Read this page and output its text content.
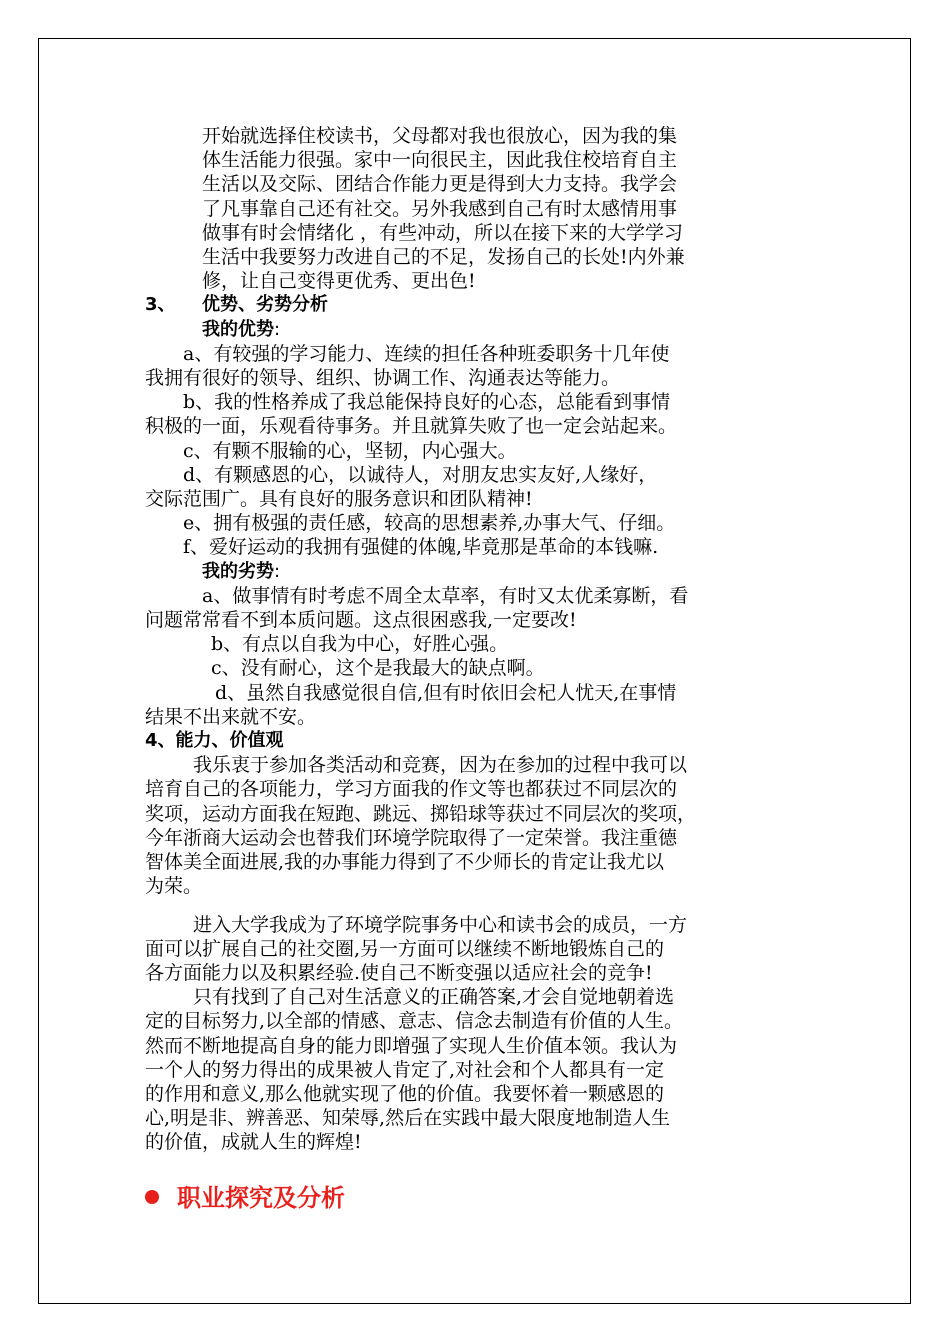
开始就选择住校读书，父母都对我也很放心，因为我的集
体生活能力很强。家中一向很民主，因此我住校培育自主
生活以及交际、团结合作能力更是得到大力支持。我学会
了凡事靠自己还有社交。另外我感到自己有时太感情用事
做事有时会情绪化 ，有些冲动，所以在接下来的大学学习
生活中我要努力改进自己的不足，发扬自己的长处!内外兼
修，让自己变得更优秀、更出色!
3、 优势、劣势分析
我的优势:
a、有较强的学习能力、连续的担任各种班委职务十几年使
我拥有很好的领导、组织、协调工作、沟通表达等能力。
b、我的性格养成了我总能保持良好的心态，总能看到事情
积极的一面，乐观看待事务。并且就算失败了也一定会站起来。
c、有颗不服输的心，坚韧，内心强大。
d、有颗感恩的心，以诚待人，对朋友忠实友好,人缘好，
交际范围广。具有良好的服务意识和团队精神!
e、拥有极强的责任感，较高的思想素养,办事大气、仔细。
f、爱好运动的我拥有强健的体魄,毕竟那是革命的本钱嘛.
我的劣势:
a、做事情有时考虑不周全太草率，有时又太优柔寡断，看
问题常常看不到本质问题。这点很困惑我,一定要改!
b、有点以自我为中心，好胜心强。
c、没有耐心，这个是我最大的缺点啊。
d、虽然自我感觉很自信,但有时依旧会杞人忧天,在事情
结果不出来就不安。
4、能力、价值观
我乐衷于参加各类活动和竞赛，因为在参加的过程中我可以
培育自己的各项能力，学习方面我的作文等也都获过不同层次的
奖项，运动方面我在短跑、跳远、掷铅球等获过不同层次的奖项，
今年浙商大运动会也替我们环境学院取得了一定荣誉。我注重德
智体美全面进展,我的办事能力得到了不少师长的肯定让我尤以
为荣。
进入大学我成为了环境学院事务中心和读书会的成员，一方
面可以扩展自己的社交圈,另一方面可以继续不断地锻炼自己的
各方面能力以及积累经验.使自己不断变强以适应社会的竞争!
只有找到了自己对生活意义的正确答案,才会自觉地朝着选
定的目标努力,以全部的情感、意志、信念去制造有价值的人生。
然而不断地提高自身的能力即增强了实现人生价值本领。我认为
一个人的努力得出的成果被人肯定了,对社会和个人都具有一定
的作用和意义,那么他就实现了他的价值。我要怀着一颗感恩的
心,明是非、辨善恶、知荣辱,然后在实践中最大限度地制造人生
的价值，成就人生的辉煌!
职业探究及分析
